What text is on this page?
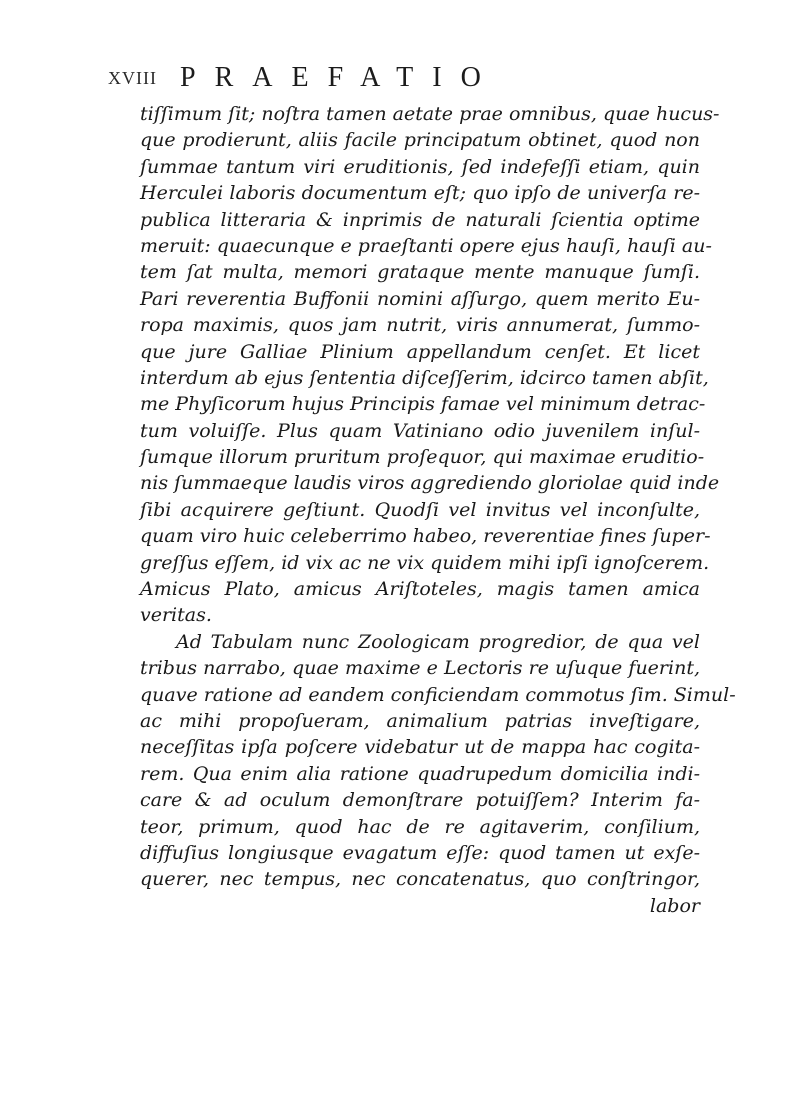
XVIII PRAEFATIO
tiſſimum ſit; noſtra tamen aetate prae omnibus, quae hucus-
que prodierunt, aliis facile principatum obtinet, quod non
ſummae tantum viri eruditionis, ſed indefeſſi etiam, quin
Herculei laboris documentum eſt; quo ipſo de univerſa re-
publica litteraria & inprimis de naturali ſcientia optime
meruit: quaecunque e praeſtanti opere ejus hauſi, hauſi au-
tem ſat multa, memori grataque mente manuque ſumſi.
Pari reverentia Buffonii nomini aſſurgo, quem merito Eu-
ropa maximis, quos jam nutrit, viris annumerat, ſummo-
que jure Galliae Plinium appellandum cenſet. Et licet
interdum ab ejus ſententia diſceſſerim, idcirco tamen abſit,
me Phyſicorum hujus Principis famae vel minimum detrac-
tum voluiſſe. Plus quam Vatiniano odio juvenilem inſul-
ſumque illorum pruritum proſequor, qui maximae eruditio-
nis ſummaeque laudis viros aggrediendo gloriolae quid inde
ſibi acquirere geſtiunt. Quodſi vel invitus vel inconſulte,
quam viro huic celeberrimo habeo, reverentiae fines ſuper-
greſſus eſſem, id vix ac ne vix quidem mihi ipſi ignoſcerem.
Amicus Plato, amicus Ariſtoteles, magis tamen amica
veritas.
Ad Tabulam nunc Zoologicam progredior, de qua vel
tribus narrabo, quae maxime e Lectoris re uſuque fuerint,
quave ratione ad eandem conficiendam commotus ſim. Simul-
ac mihi propoſueram, animalium patrias inveſtigare,
neceſſitas ipſa poſcere videbatur ut de mappa hac cogita-
rem. Qua enim alia ratione quadrupedum domicilia indi-
care & ad oculum demonſtrare potuiſſem? Interim fa-
teor, primum, quod hac de re agitaverim, conſilium,
diffuſius longiusque evagatum eſſe: quod tamen ut exſe-
querer, nec tempus, nec concatenatus, quo conſtringor,
labor
